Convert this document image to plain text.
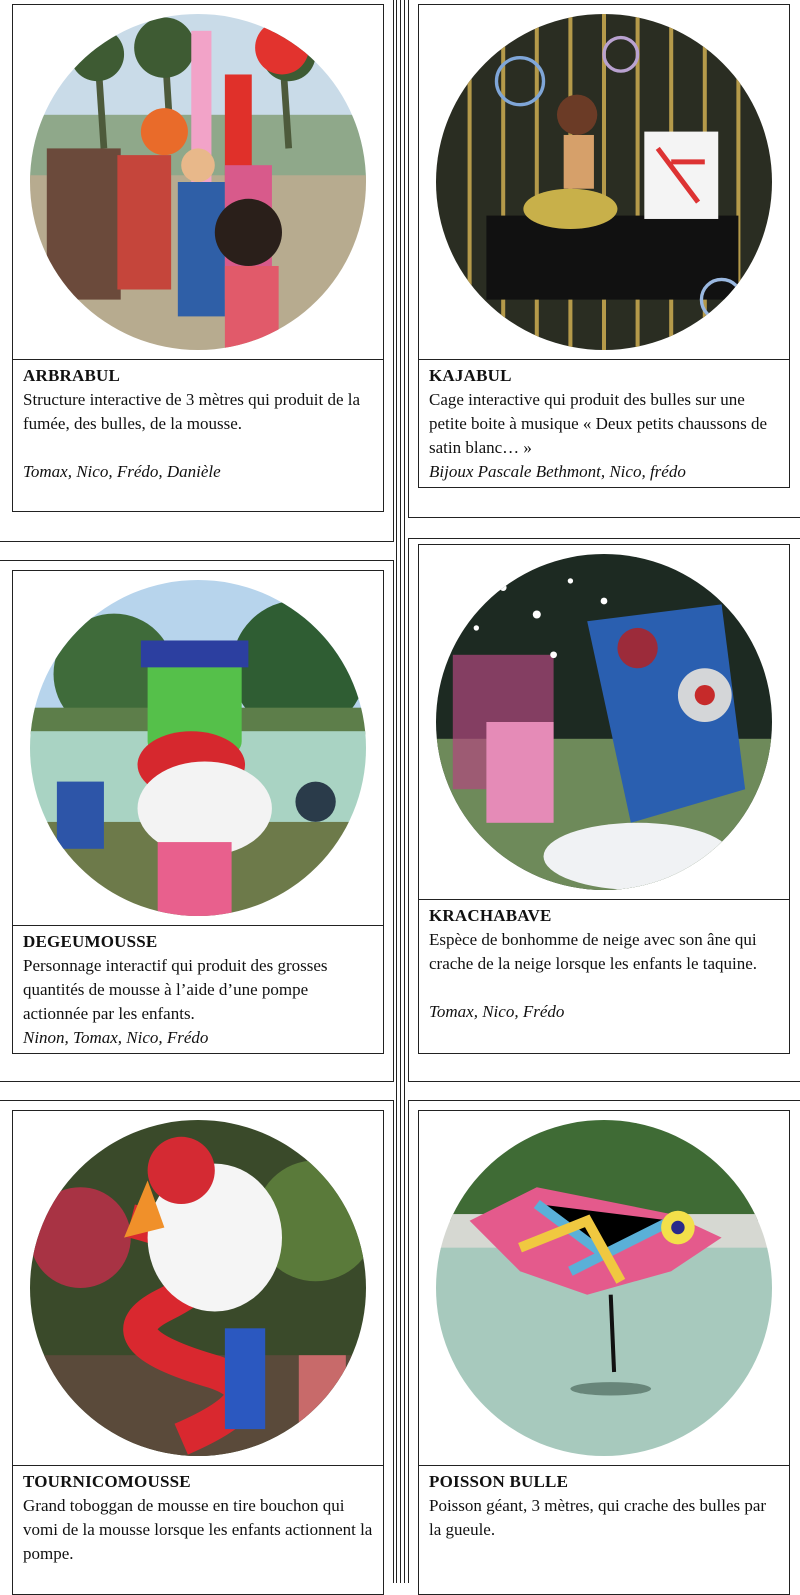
ARBRABUL

Structure interactive de 3 mètres qui produit de la fumée, des bulles, de la mousse.

Tomax, Nico, Frédo, Danièle
KAJABUL

Cage interactive qui produit des bulles sur une petite boite à musique « Deux petits chaussons de satin blanc… »

Bijoux Pascale Bethmont, Nico, frédo
DEGEUMOUSSE

Personnage interactif qui produit des grosses quantités de mousse à l’aide d’une pompe actionnée par les enfants.

Ninon, Tomax, Nico, Frédo
KRACHABAVE

Espèce de bonhomme de neige avec son âne qui crache de la neige lorsque les enfants le taquine.

Tomax, Nico, Frédo
TOURNICOMOUSSE

Grand toboggan de mousse en tire bouchon qui vomi de la mousse lorsque les enfants actionnent la pompe.

POISSON BULLE

Poisson géant, 3 mètres, qui crache des bulles par la gueule.
